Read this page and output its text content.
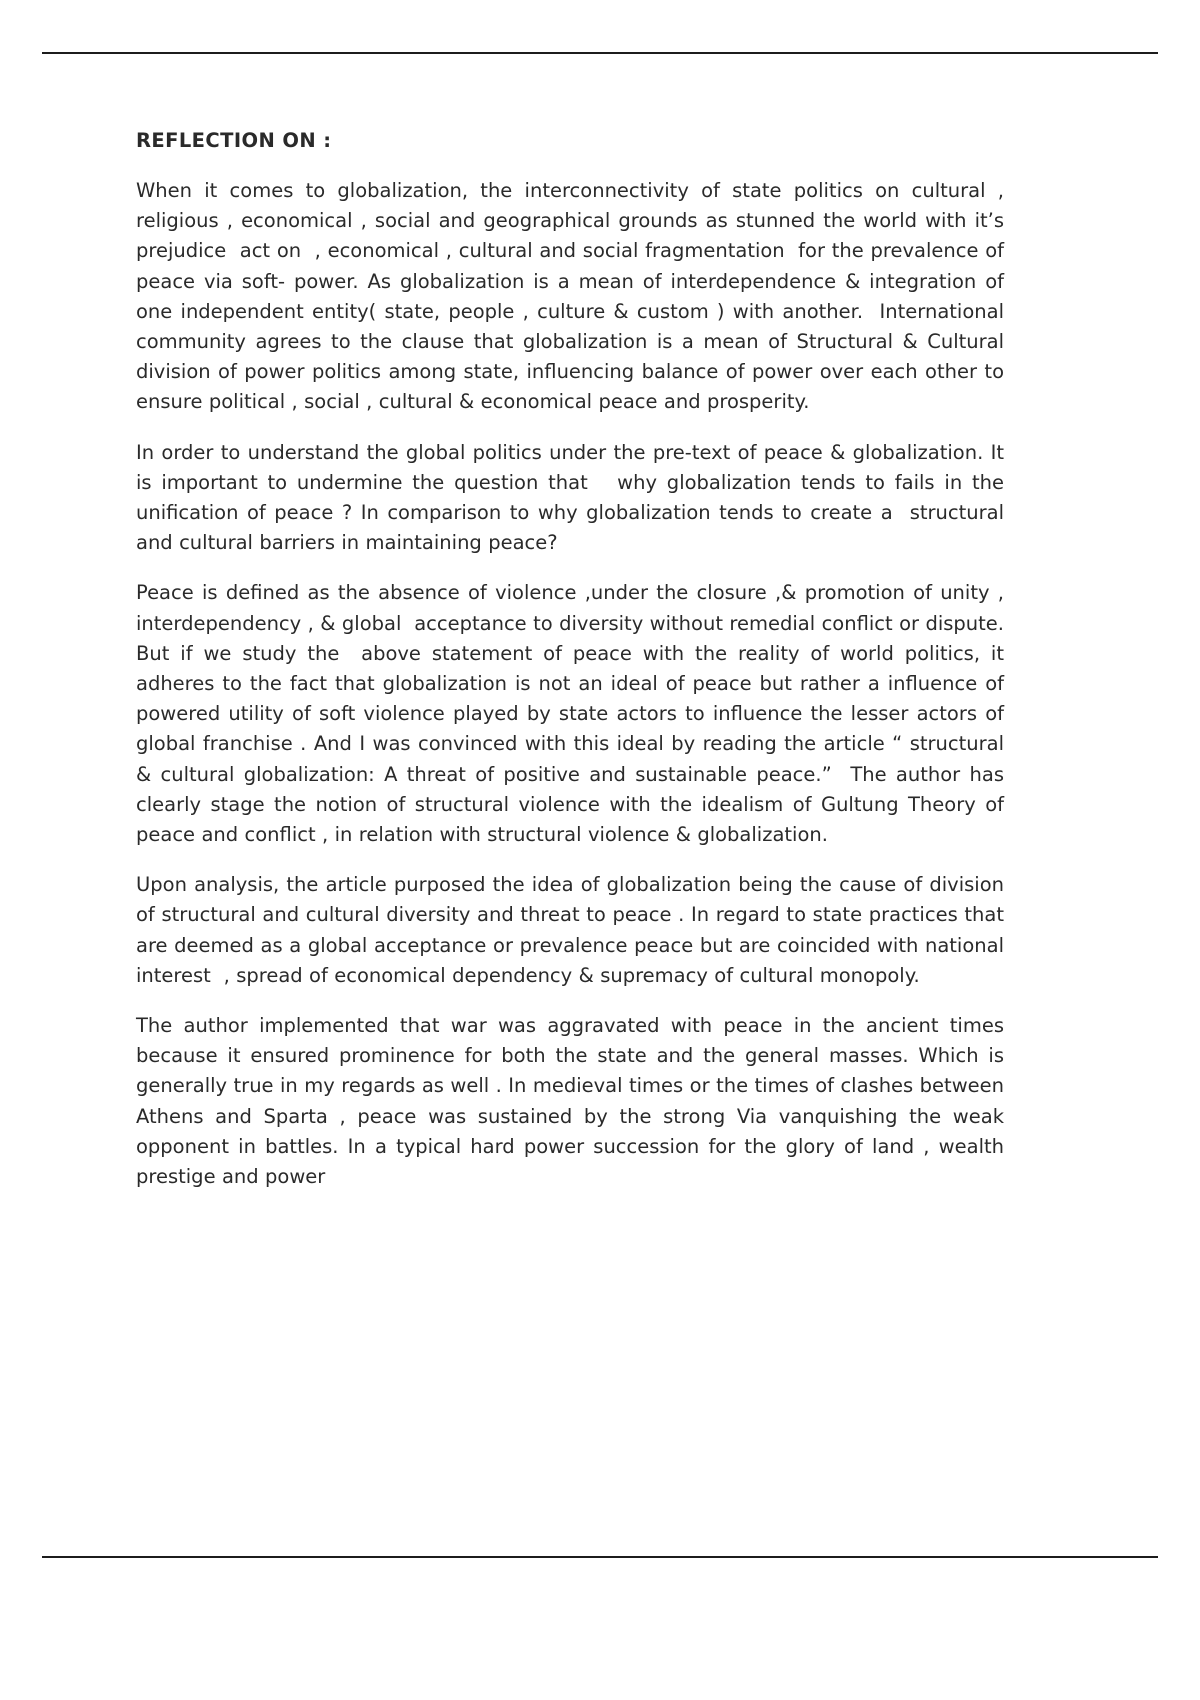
REFLECTION ON :

When it comes to globalization, the interconnectivity of state politics on cultural , religious , economical , social and geographical grounds as stunned the world with it’s prejudice  act on  , economical , cultural and social fragmentation  for the prevalence of peace via soft- power. As globalization is a mean of interdependence & integration of one independent entity( state, people , culture & custom ) with another.  International community agrees to the clause that globalization is a mean of Structural & Cultural  division of power politics among state, influencing balance of power over each other to ensure political , social , cultural & economical peace and prosperity.

In order to understand the global politics under the pre-text of peace & globalization. It is important to undermine the question that   why globalization tends to fails in the unification of peace ? In comparison to why globalization tends to create a  structural and cultural barriers in maintaining peace?

Peace is defined as the absence of violence ,under the closure ,& promotion of unity , interdependency , & global  acceptance to diversity without remedial conflict or dispute.  But if we study the  above statement of peace with the reality of world politics, it adheres to the fact that globalization is not an ideal of peace but rather a influence of powered utility of soft violence played by state actors to influence the lesser actors of global franchise . And I was convinced with this ideal by reading the article “ structural & cultural globalization: A threat of positive and sustainable peace.”  The author has clearly stage the notion of structural violence with the idealism of Gultung Theory of peace and conflict , in relation with structural violence & globalization.

Upon analysis, the article purposed the idea of globalization being the cause of division of structural and cultural diversity and threat to peace . In regard to state practices that are deemed as a global acceptance or prevalence peace but are coincided with national interest  , spread of economical dependency & supremacy of cultural monopoly.

The author implemented that war was aggravated with peace in the ancient times because it ensured prominence for both the state and the general masses. Which is generally true in my regards as well . In medieval times or the times of clashes between Athens and Sparta , peace was sustained by the strong Via vanquishing the weak opponent in battles. In a typical hard power succession for the glory of land , wealth prestige and power
